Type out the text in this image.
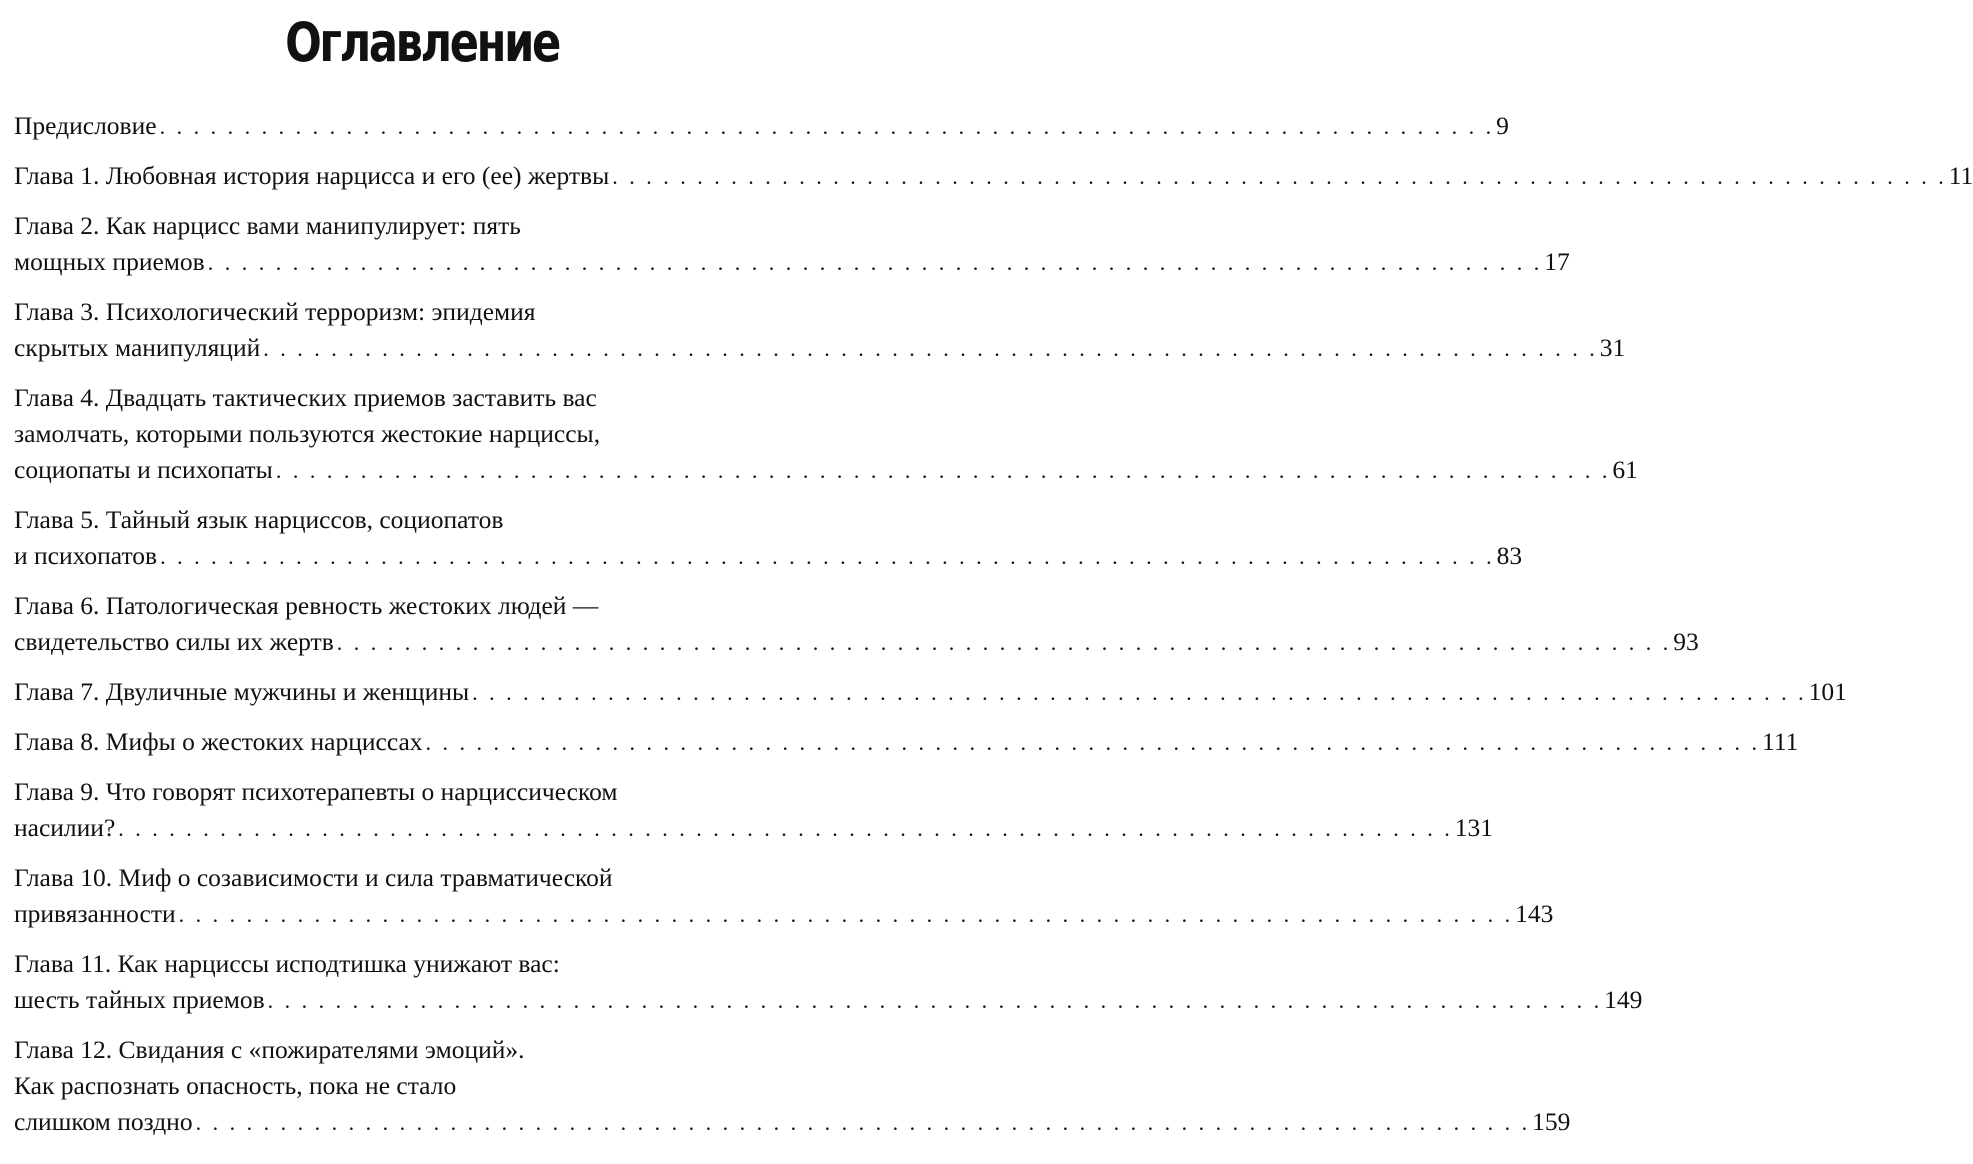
Оглавление
Предисловие . . . . . . . . . . . . . . . . . . . . . . . . . . . . . . . . . . . . . . . . . . . . . . . . . . . . . . . . . . . . . . . . . . . . . . . . . . . . . . . 9
Глава 1. Любовная история нарцисса и его (ее) жертвы . . . . . . . . . . . . . . . . . . . . . . . . . . . . . . . . . . . . . . . . . . . . . . . . . . . . . . . . . . . . . . . . . . . . . . . . . . . . . . . 11
Глава 2. Как нарцисс вами манипулирует: пять
мощных приемов . . . . . . . . . . . . . . . . . . . . . . . . . . . . . . . . . . . . . . . . . . . . . . . . . . . . . . . . . . . . . . . . . . . . . . . . . . . . . . . 17
Глава 3. Психологический терроризм: эпидемия
скрытых манипуляций . . . . . . . . . . . . . . . . . . . . . . . . . . . . . . . . . . . . . . . . . . . . . . . . . . . . . . . . . . . . . . . . . . . . . . . . . . . . . . . 31
Глава 4. Двадцать тактических приемов заставить вас
замолчать, которыми пользуются жестокие нарциссы,
социопаты и психопаты . . . . . . . . . . . . . . . . . . . . . . . . . . . . . . . . . . . . . . . . . . . . . . . . . . . . . . . . . . . . . . . . . . . . . . . . . . . . . . . 61
Глава 5. Тайный язык нарциссов, социопатов
и психопатов . . . . . . . . . . . . . . . . . . . . . . . . . . . . . . . . . . . . . . . . . . . . . . . . . . . . . . . . . . . . . . . . . . . . . . . . . . . . . . . 83
Глава 6. Патологическая ревность жестоких людей —
свидетельство силы их жертв . . . . . . . . . . . . . . . . . . . . . . . . . . . . . . . . . . . . . . . . . . . . . . . . . . . . . . . . . . . . . . . . . . . . . . . . . . . . . . . 93
Глава 7. Двуличные мужчины и женщины . . . . . . . . . . . . . . . . . . . . . . . . . . . . . . . . . . . . . . . . . . . . . . . . . . . . . . . . . . . . . . . . . . . . . . . . . . . . . . . 101
Глава 8. Мифы о жестоких нарциссах . . . . . . . . . . . . . . . . . . . . . . . . . . . . . . . . . . . . . . . . . . . . . . . . . . . . . . . . . . . . . . . . . . . . . . . . . . . . . . . 111
Глава 9. Что говорят психотерапевты о нарциссическом
насилии? . . . . . . . . . . . . . . . . . . . . . . . . . . . . . . . . . . . . . . . . . . . . . . . . . . . . . . . . . . . . . . . . . . . . . . . . . . . . . . . 131
Глава 10. Миф о созависимости и сила травматической
привязанности . . . . . . . . . . . . . . . . . . . . . . . . . . . . . . . . . . . . . . . . . . . . . . . . . . . . . . . . . . . . . . . . . . . . . . . . . . . . . . . 143
Глава 11. Как нарциссы исподтишка унижают вас:
шесть тайных приемов . . . . . . . . . . . . . . . . . . . . . . . . . . . . . . . . . . . . . . . . . . . . . . . . . . . . . . . . . . . . . . . . . . . . . . . . . . . . . . . 149
Глава 12. Свидания с «пожирателями эмоций».
Как распознать опасность, пока не стало
слишком поздно . . . . . . . . . . . . . . . . . . . . . . . . . . . . . . . . . . . . . . . . . . . . . . . . . . . . . . . . . . . . . . . . . . . . . . . . . . . . . . . 159
